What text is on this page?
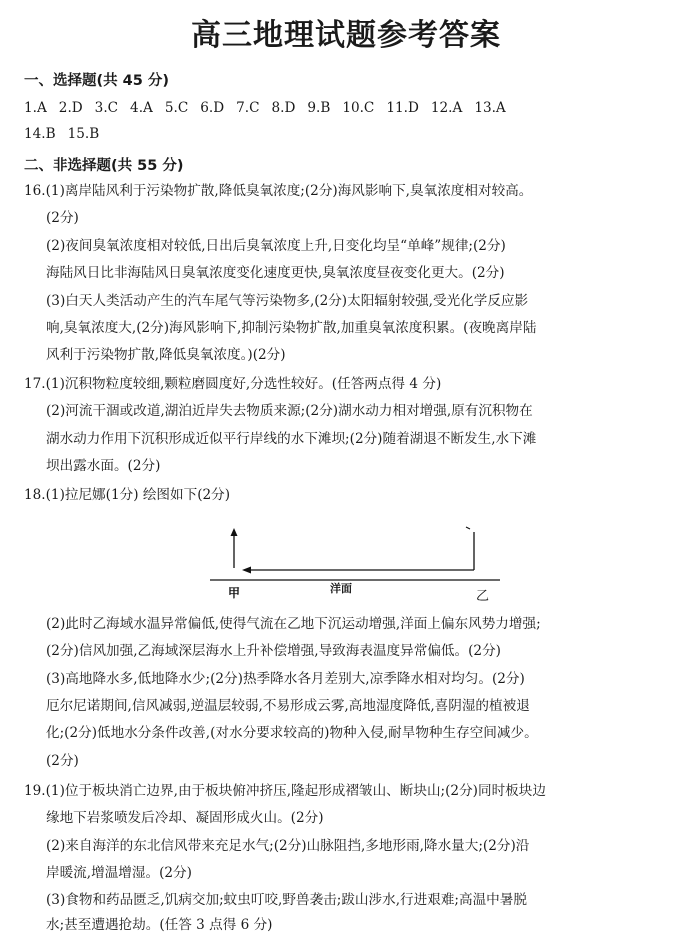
高三地理试题参考答案
一、选择题(共 45 分)
1.A 2.D 3.C 4.A 5.C 6.D 7.C 8.D 9.B 10.C 11.D 12.A 13.A
14.B 15.B
二、非选择题(共 55 分)
16.(1)离岸陆风利于污染物扩散,降低臭氧浓度;(2分)海风影响下,臭氧浓度相对较高。
(2分)
(2)夜间臭氧浓度相对较低,日出后臭氧浓度上升,日变化均呈“单峰”规律;(2分)
海陆风日比非海陆风日臭氧浓度变化速度更快,臭氧浓度昼夜变化更大。(2分)
(3)白天人类活动产生的汽车尾气等污染物多,(2分)太阳辐射较强,受光化学反应影
响,臭氧浓度大,(2分)海风影响下,抑制污染物扩散,加重臭氧浓度积累。(夜晚离岸陆
风利于污染物扩散,降低臭氧浓度。)(2分)
17.(1)沉积物粒度较细,颗粒磨圆度好,分选性较好。(任答两点得 4 分)
(2)河流干涸或改道,湖泊近岸失去物质来源;(2分)湖水动力相对增强,原有沉积物在
湖水动力作用下沉积形成近似平行岸线的水下滩坝;(2分)随着湖退不断发生,水下滩
坝出露水面。(2分)
18.(1)拉尼娜(1分) 绘图如下(2分)
甲	洋面
乙
(2)此时乙海域水温异常偏低,使得气流在乙地下沉运动增强,洋面上偏东风势力增强;
(2分)信风加强,乙海域深层海水上升补偿增强,导致海表温度异常偏低。(2分)
(3)高地降水多,低地降水少;(2分)热季降水各月差别大,凉季降水相对均匀。(2分)
厄尔尼诺期间,信风减弱,逆温层较弱,不易形成云雾,高地湿度降低,喜阴湿的植被退
化;(2分)低地水分条件改善,(对水分要求较高的)物种入侵,耐旱物种生存空间减少。
(2分)
19.(1)位于板块消亡边界,由于板块俯冲挤压,隆起形成褶皱山、断块山;(2分)同时板块边
缘地下岩浆喷发后冷却、凝固形成火山。(2分)
(2)来自海洋的东北信风带来充足水气;(2分)山脉阻挡,多地形雨,降水量大;(2分)沿
岸暖流,增温增湿。(2分)
(3)食物和药品匮乏,饥病交加;蚊虫叮咬,野兽袭击;跋山涉水,行进艰难;高温中暑脱
水;甚至遭遇抢劫。(任答 3 点得 6 分)
